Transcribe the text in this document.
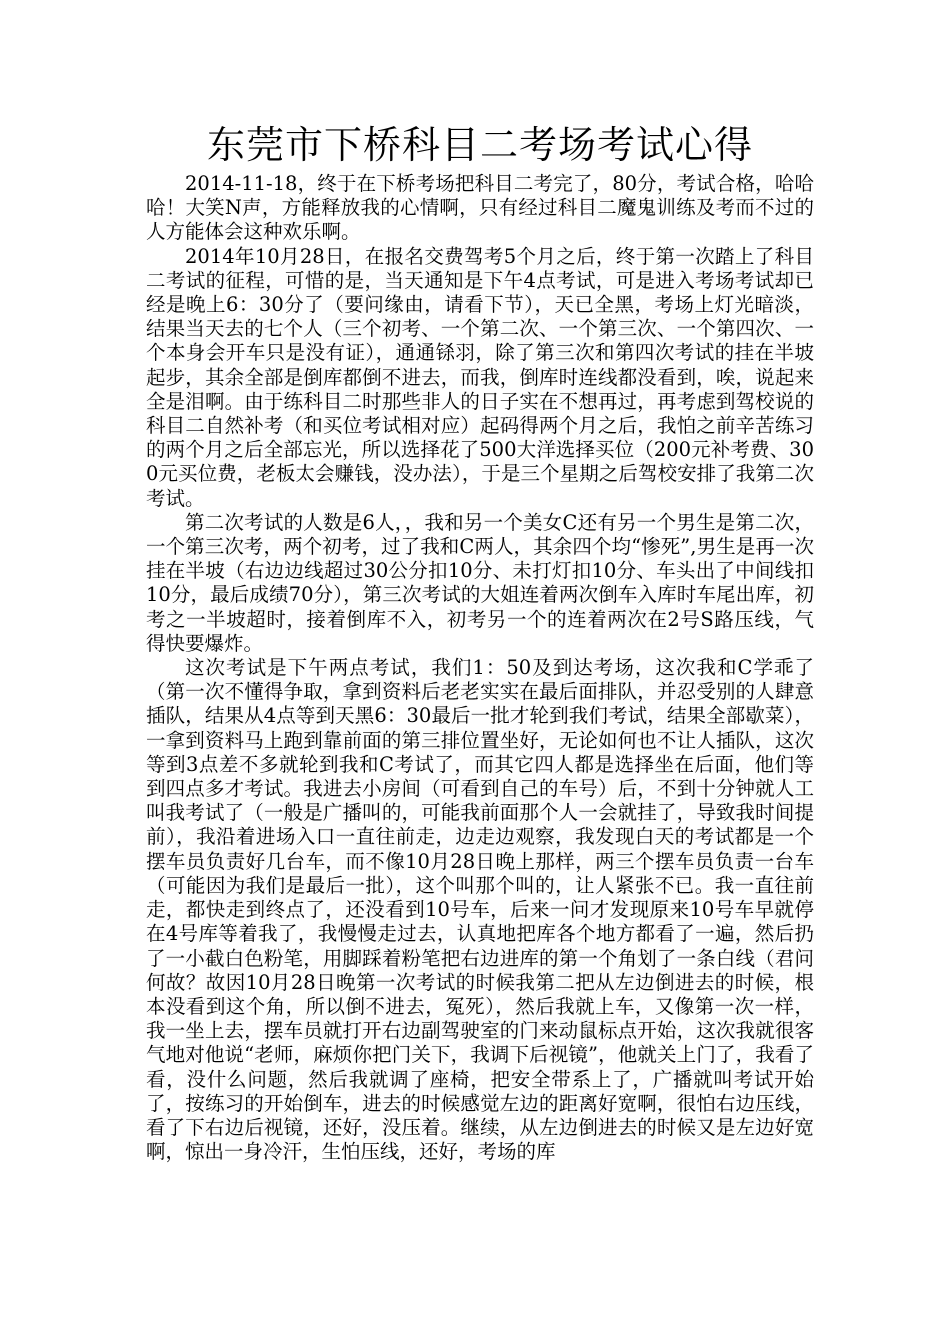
东莞市下桥科目二考场考试心得

2014-11-18，终于在下桥考场把科目二考完了，80分，考试合格，哈哈哈！大笑N声，方能释放我的心情啊，只有经过科目二魔鬼训练及考而不过的人方能体会这种欢乐啊。

2014年10月28日，在报名交费驾考5个月之后，终于第一次踏上了科目二考试的征程，可惜的是，当天通知是下午4点考试，可是进入考场考试却已经是晚上6：30分了（要问缘由，请看下节），天已全黑，考场上灯光暗淡，结果当天去的七个人（三个初考、一个第二次、一个第三次、一个第四次、一个本身会开车只是没有证），通通铩羽，除了第三次和第四次考试的挂在半坡起步，其余全部是倒库都倒不进去，而我，倒库时连线都没看到，唉，说起来全是泪啊。由于练科目二时那些非人的日子实在不想再过，再考虑到驾校说的科目二自然补考（和买位考试相对应）起码得两个月之后，我怕之前辛苦练习的两个月之后全部忘光，所以选择花了500大洋选择买位（200元补考费、300元买位费，老板太会赚钱，没办法），于是三个星期之后驾校安排了我第二次考试。

第二次考试的人数是6人，，我和另一个美女C还有另一个男生是第二次，一个第三次考，两个初考，过了我和C两人，其余四个均“惨死”,男生是再一次挂在半坡（右边边线超过30公分扣10分、未打灯扣10分、车头出了中间线扣10分，最后成绩70分），第三次考试的大姐连着两次倒车入库时车尾出库，初考之一半坡超时，接着倒库不入，初考另一个的连着两次在2号S路压线，气得快要爆炸。

这次考试是下午两点考试，我们1：50及到达考场，这次我和C学乖了（第一次不懂得争取，拿到资料后老老实实在最后面排队，并忍受别的人肆意插队，结果从4点等到天黑6：30最后一批才轮到我们考试，结果全部歇菜），一拿到资料马上跑到靠前面的第三排位置坐好，无论如何也不让人插队，这次等到3点差不多就轮到我和C考试了，而其它四人都是选择坐在后面，他们等到四点多才考试。我进去小房间（可看到自己的车号）后，不到十分钟就人工叫我考试了（一般是广播叫的，可能我前面那个人一会就挂了，导致我时间提前），我沿着进场入口一直往前走，边走边观察，我发现白天的考试都是一个摆车员负责好几台车，而不像10月28日晚上那样，两三个摆车员负责一台车（可能因为我们是最后一批），这个叫那个叫的，让人紧张不已。我一直往前走，都快走到终点了，还没看到10号车，后来一问才发现原来10号车早就停在4号库等着我了，我慢慢走过去，认真地把库各个地方都看了一遍，然后扔了一小截白色粉笔，用脚踩着粉笔把右边进库的第一个角划了一条白线（君问何故？故因10月28日晚第一次考试的时候我第二把从左边倒进去的时候，根本没看到这个角，所以倒不进去，冤死），然后我就上车，又像第一次一样，我一坐上去，摆车员就打开右边副驾驶室的门来动鼠标点开始，这次我就很客气地对他说“老师，麻烦你把门关下，我调下后视镜”，他就关上门了，我看了看，没什么问题，然后我就调了座椅，把安全带系上了，广播就叫考试开始了，按练习的开始倒车，进去的时候感觉左边的距离好宽啊，很怕右边压线，看了下右边后视镜，还好，没压着。继续，从左边倒进去的时候又是左边好宽啊，惊出一身冷汗，生怕压线，还好，考场的库
